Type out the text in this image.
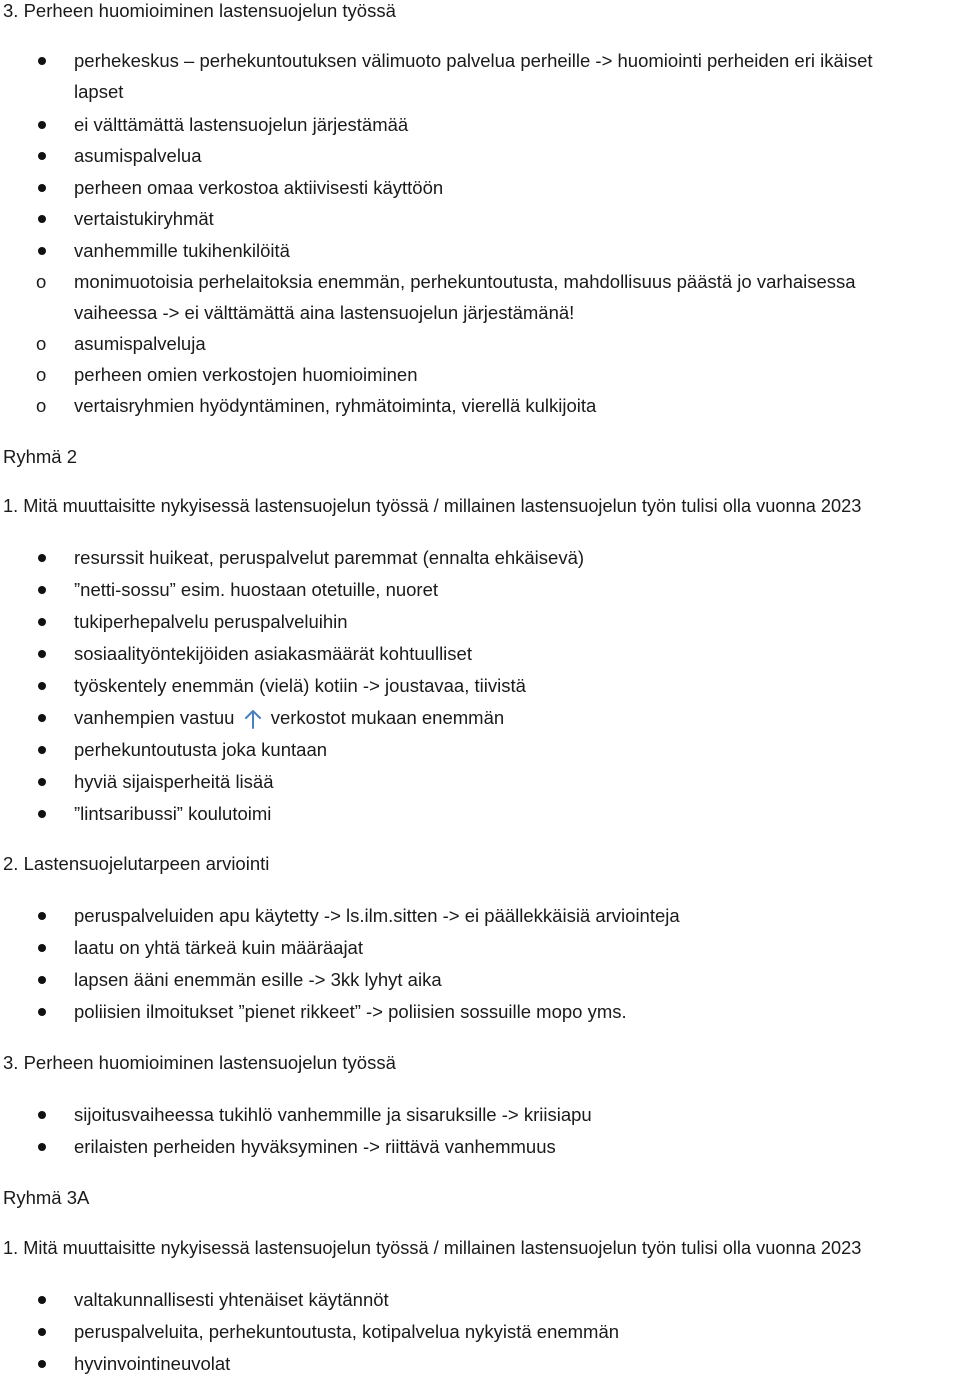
3. Perheen huomioiminen lastensuojelun työssä
perhekeskus – perhekuntoutuksen välimuoto palvelua perheille -> huomiointi perheiden eri ikäiset
lapset
ei välttämättä lastensuojelun järjestämää
asumispalvelua
perheen omaa verkostoa aktiivisesti käyttöön
vertaistukiryhmät
vanhemmille tukihenkilöitä
o monimuotoisia perhelaitoksia enemmän, perhekuntoutusta, mahdollisuus päästä jo varhaisessa
vaiheessa -> ei välttämättä aina lastensuojelun järjestämänä!
o asumispalveluja
o perheen omien verkostojen huomioiminen
o vertaisryhmien hyödyntäminen, ryhmätoiminta, vierellä kulkijoita
Ryhmä 2
1. Mitä muuttaisitte nykyisessä lastensuojelun työssä / millainen lastensuojelun työn tulisi olla vuonna 2023
resurssit huikeat, peruspalvelut paremmat (ennalta ehkäisevä)
”netti-sossu” esim. huostaan otetuille, nuoret
tukiperhepalvelu peruspalveluihin
sosiaalityöntekijöiden asiakasmäärät kohtuulliset
työskentely enemmän (vielä) kotiin -> joustavaa, tiivistä
vanhempien vastuu verkostot mukaan enemmän
perhekuntoutusta joka kuntaan
hyviä sijaisperheitä lisää
”lintsaribussi” koulutoimi
2. Lastensuojelutarpeen arviointi
peruspalveluiden apu käytetty -> ls.ilm.sitten -> ei päällekkäisiä arviointeja
laatu on yhtä tärkeä kuin määräajat
lapsen ääni enemmän esille -> 3kk lyhyt aika
poliisien ilmoitukset ”pienet rikkeet” -> poliisien sossuille mopo yms.
3. Perheen huomioiminen lastensuojelun työssä
sijoitusvaiheessa tukihlö vanhemmille ja sisaruksille -> kriisiapu
erilaisten perheiden hyväksyminen -> riittävä vanhemmuus
Ryhmä 3A
1. Mitä muuttaisitte nykyisessä lastensuojelun työssä / millainen lastensuojelun työn tulisi olla vuonna 2023
valtakunnallisesti yhtenäiset käytännöt
peruspalveluita, perhekuntoutusta, kotipalvelua nykyistä enemmän
hyvinvointineuvolat
